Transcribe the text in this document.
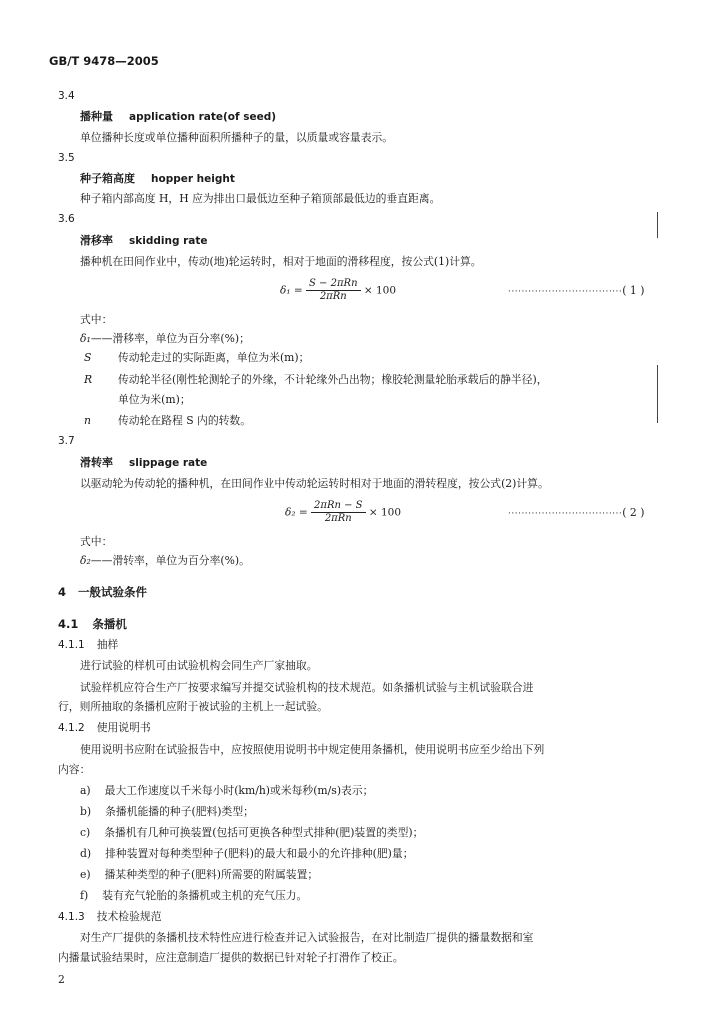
GB/T 9478—2005
3.4
播种量 application rate(of seed)
单位播种长度或单位播种面积所播种子的量，以质量或容量表示。
3.5
种子箱高度 hopper height
种子箱内部高度 H，H 应为排出口最低边至种子箱顶部最低边的垂直距离。
3.6
滑移率 skidding rate
播种机在田间作业中，传动(地)轮运转时，相对于地面的滑移程度，按公式(1)计算。
$\delta_1 = \frac{\text{S − 2πRn}}{\text{2πRn}} \times 100$	··································( 1 )
式中：
δ₁——滑移率，单位为百分率(%)；
S 传动轮走过的实际距离，单位为米(m)；
R 传动轮半径(刚性轮测轮子的外缘，不计轮缘外凸出物；橡胶轮测量轮胎承载后的静半径)，
单位为米(m)；
n	传动轮在路程 S 内的转数。
3.7
滑转率 slippage rate
以驱动轮为传动轮的播种机，在田间作业中传动轮运转时相对于地面的滑转程度，按公式(2)计算。
$\delta_2 = \frac{\text{2πRn − S}}{\text{2πRn}} \times 100$	··································( 2 )
式中：
δ₂——滑转率，单位为百分率(%)。
4 一般试验条件
4.1 条播机
4.1.1 抽样
进行试验的样机可由试验机构会同生产厂家抽取。
试验样机应符合生产厂按要求编写并提交试验机构的技术规范。如条播机试验与主机试验联合进
行，则所抽取的条播机应附于被试验的主机上一起试验。
4.1.2 使用说明书
使用说明书应附在试验报告中，应按照使用说明书中规定使用条播机，使用说明书应至少给出下列
内容：
a) 最大工作速度以千米每小时(km/h)或米每秒(m/s)表示；
b) 条播机能播的种子(肥料)类型；
c) 条播机有几种可换装置(包括可更换各种型式排种(肥)装置的类型)；
d) 排种装置对每种类型种子(肥料)的最大和最小的允许排种(肥)量；
e) 播某种类型的种子(肥料)所需要的附属装置；
f) 装有充气轮胎的条播机或主机的充气压力。
4.1.3 技术检验规范
对生产厂提供的条播机技术特性应进行检查并记入试验报告，在对比制造厂提供的播量数据和室
内播量试验结果时，应注意制造厂提供的数据已针对轮子打滑作了校正。
2
